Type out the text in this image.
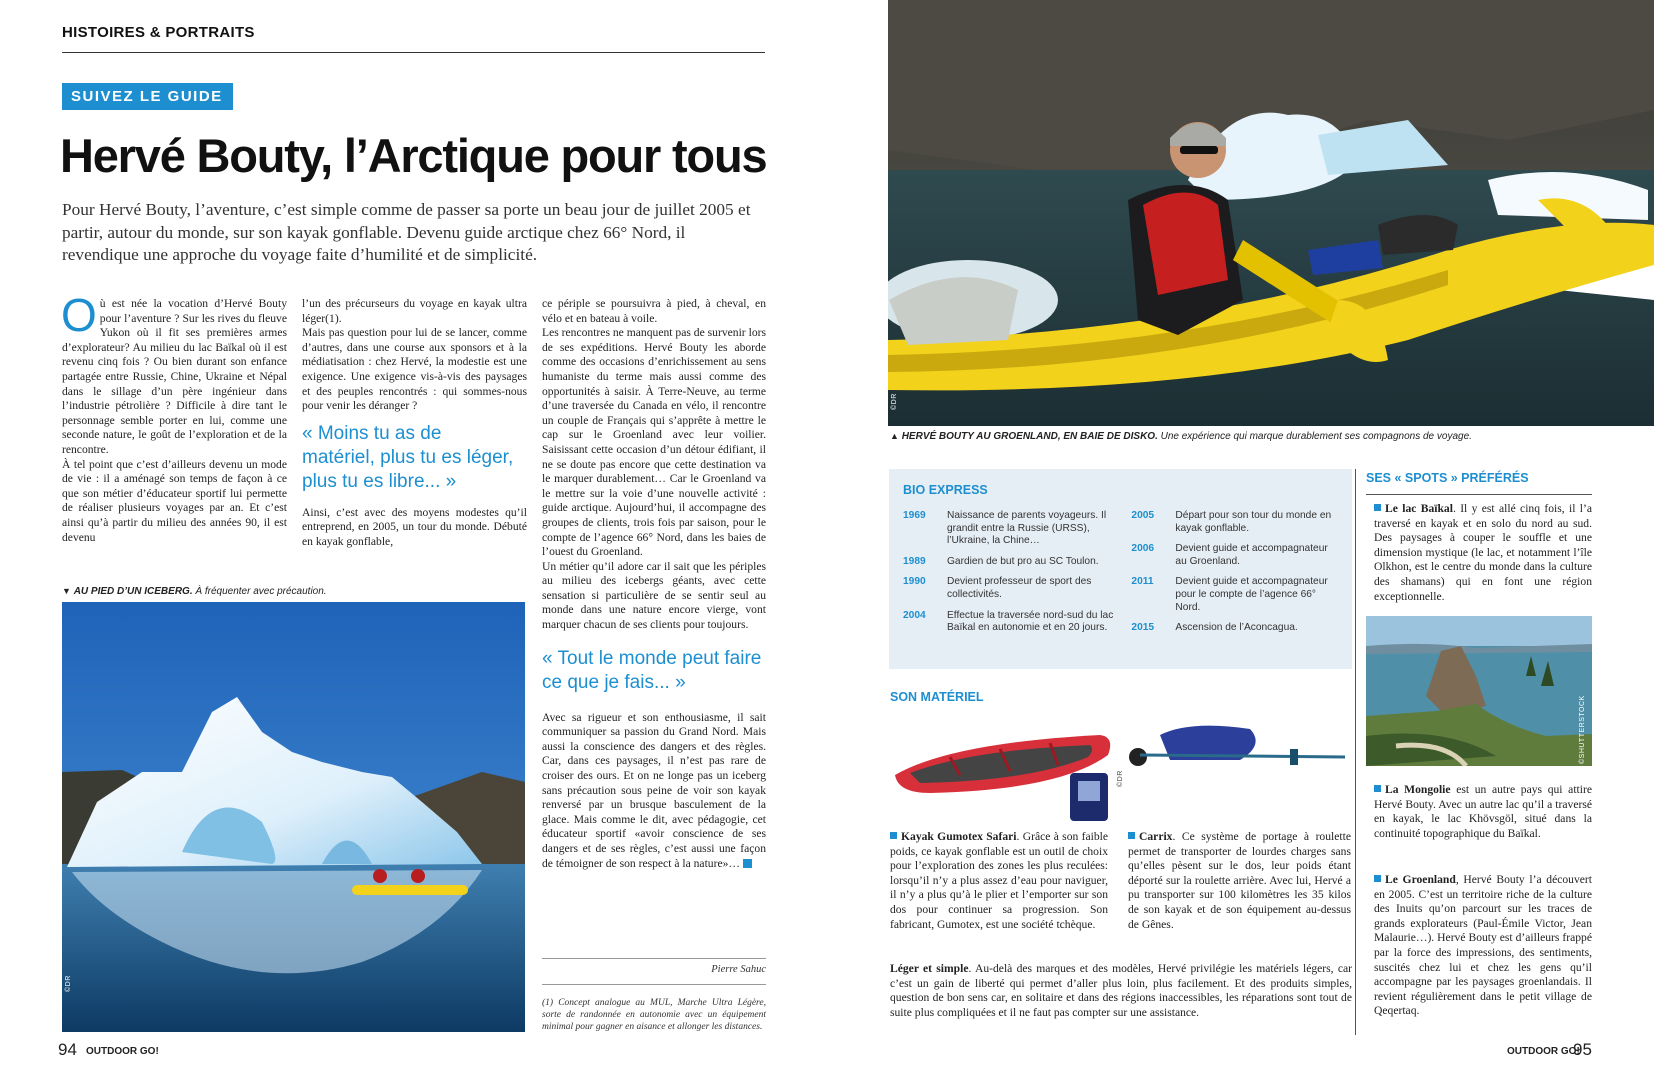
HISTOIRES & PORTRAITS
SUIVEZ LE GUIDE
Hervé Bouty, l’Arctique pour tous

Pour Hervé Bouty, l’aventure, c’est simple comme de passer sa porte un beau jour de juillet 2005 et partir, autour du monde, sur son kayak gonflable. Devenu guide arctique chez 66° Nord, il revendique une approche du voyage faite d’humilité et de simplicité.

O ù est née la vocation d’Hervé Bouty pour l’aventure ? Sur les rives du fleuve Yukon où il fit ses premières armes d’explorateur? Au milieu du lac Baïkal où il est revenu cinq fois ? Ou bien durant son enfance partagée entre Russie, Chine, Ukraine et Népal dans le sillage d’un père ingénieur dans l’industrie pétrolière ? Difficile à dire tant le personnage semble porter en lui, comme une seconde nature, le goût de l’exploration et de la rencontre.

À tel point que c’est d’ailleurs devenu un mode de vie : il a aménagé son temps de façon à ce que son métier d’éducateur sportif lui permette de réaliser plusieurs voyages par an. Et c’est ainsi qu’à partir du milieu des années 90, il est devenu

l’un des précurseurs du voyage en kayak ultra léger(1).

Mais pas question pour lui de se lancer, comme d’autres, dans une course aux sponsors et à la médiatisation : chez Hervé, la modestie est une exigence. Une exigence vis-à-vis des paysages et des peuples rencontrés : qui sommes-nous pour venir les déranger ?

« Moins tu as de matériel, plus tu es léger, plus tu es libre... »

Ainsi, c’est avec des moyens modestes qu’il entreprend, en 2005, un tour du monde. Débuté en kayak gonflable,

ce périple se poursuivra à pied, à cheval, en vélo et en bateau à voile.

Les rencontres ne manquent pas de survenir lors de ses expéditions. Hervé Bouty les aborde comme des occasions d’enrichissement au sens humaniste du terme mais aussi comme des opportunités à saisir. À Terre-Neuve, au terme d’une traversée du Canada en vélo, il rencontre un couple de Français qui s’apprête à mettre le cap sur le Groenland avec leur voilier. Saisissant cette occasion d’un détour édifiant, il ne se doute pas encore que cette destination va le marquer durablement… Car le Groenland va le mettre sur la voie d’une nouvelle activité : guide arctique. Aujourd’hui, il accompagne des groupes de clients, trois fois par saison, pour le compte de l’agence 66° Nord, dans les baies de l’ouest du Groenland.

Un métier qu’il adore car il sait que les périples au milieu des icebergs géants, avec cette sensation si particulière de se sentir seul au monde dans une nature encore vierge, vont marquer chacun de ses clients pour toujours.

« Tout le monde peut faire ce que je fais... »

Avec sa rigueur et son enthousiasme, il sait communiquer sa passion du Grand Nord. Mais aussi la conscience des dangers et des règles. Car, dans ces paysages, il n’est pas rare de croiser des ours. Et on ne longe pas un iceberg sans précaution sous peine de voir son kayak renversé par un brusque basculement de la glace. Mais comme le dit, avec pédagogie, cet éducateur sportif «avoir conscience de ses dangers et de ses règles, c’est aussi une façon de témoigner de son respect à la nature»…

Pierre Sahuc
(1) Concept analogue au MUL, Marche Ultra Légère, sorte de randonnée en autonomie avec un équipement minimal pour gagner en aisance et allonger les distances.
▼ AU PIED D’UN ICEBERG. À fréquenter avec précaution.
©DR
94 OUTDOOR GO!
©DR
▲ HERVÉ BOUTY AU GROENLAND, EN BAIE DE DISKO. Une expérience qui marque durablement ses compagnons de voyage.
BIO EXPRESS
1969	Naissance de parents voyageurs. Il grandit entre la Russie (URSS), l’Ukraine, la Chine…
1989	Gardien de but pro au SC Toulon.
1990	Devient professeur de sport des collectivités.
2004	Effectue la traversée nord-sud du lac Baïkal en autonomie et en 20 jours.
2005	Départ pour son tour du monde en kayak gonflable.
2006	Devient guide et accompagnateur au Groenland.
2011	Devient guide et accompagnateur pour le compte de l’agence 66° Nord.
2015	Ascension de l’Aconcagua.
SON MATÉRIEL
©DR

Kayak Gumotex Safari. Grâce à son faible poids, ce kayak gonflable est un outil de choix pour l’exploration des zones les plus reculées: lorsqu’il n’y a plus assez d’eau pour naviguer, il n’y a plus qu’à le plier et l’emporter sur son dos pour continuer sa progression. Son fabricant, Gumotex, est une société tchèque.

Carrix. Ce système de portage à roulette permet de transporter de lourdes charges sans qu’elles pèsent sur le dos, leur poids étant déporté sur la roulette arrière. Avec lui, Hervé a pu transporter sur 100 kilomètres les 35 kilos de son kayak et de son équipement au-dessus de Gênes.

Léger et simple. Au-delà des marques et des modèles, Hervé privilégie les matériels légers, car c’est un gain de liberté qui permet d’aller plus loin, plus facilement. Et des produits simples, question de bon sens car, en solitaire et dans des régions inaccessibles, les réparations sont tout de suite plus compliquées et il ne faut pas compter sur une assistance.

SES « SPOTS » PRÉFÉRÉS

Le lac Baïkal. Il y est allé cinq fois, il l’a traversé en kayak et en solo du nord au sud. Des paysages à couper le souffle et une dimension mystique (le lac, et notamment l’île Olkhon, est le centre du monde dans la culture des shamans) qui en font une région exceptionnelle.

©SHUTTERSTOCK

La Mongolie est un autre pays qui attire Hervé Bouty. Avec un autre lac qu’il a traversé en kayak, le lac Khövsgöl, situé dans la continuité topographique du Baïkal.

Le Groenland, Hervé Bouty l’a découvert en 2005. C’est un territoire riche de la culture des Inuits qu’on parcourt sur les traces de grands explorateurs (Paul-Émile Victor, Jean Malaurie…). Hervé Bouty est d’ailleurs frappé par la force des impressions, des sentiments, suscités chez lui et chez les gens qu’il accompagne par les paysages groenlandais. Il revient régulièrement dans le petit village de Qeqertaq.

OUTDOOR GO!
95
